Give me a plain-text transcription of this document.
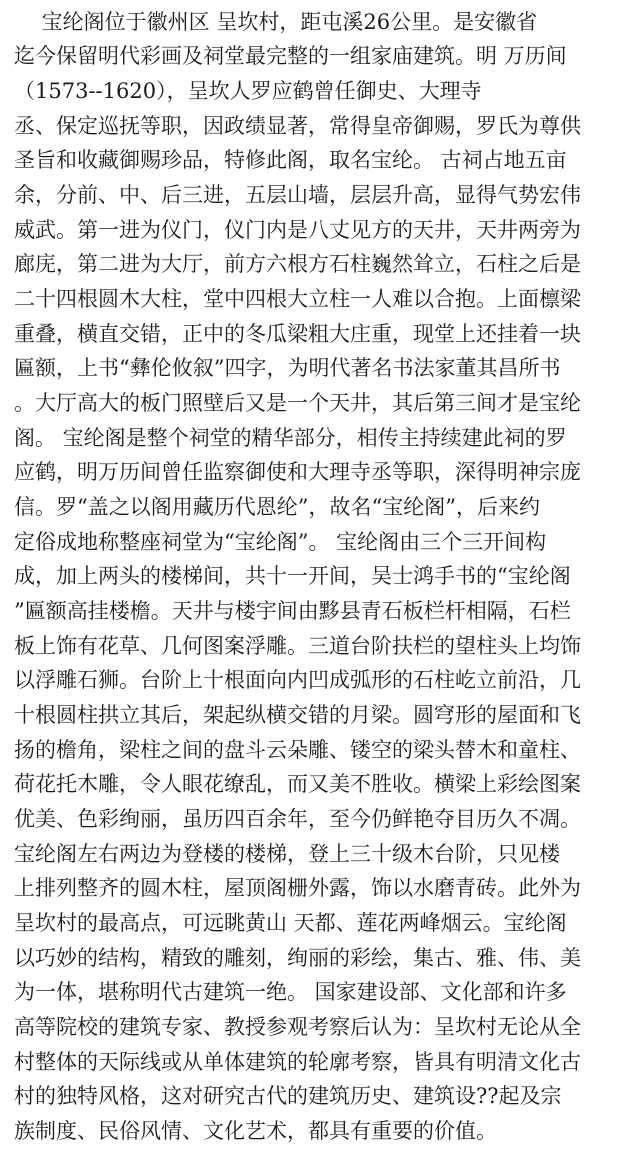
　 宝纶阁位于徽州区 呈坎村，距屯溪26公里。是安徽省
迄今保留明代彩画及祠堂最完整的一组家庙建筑。明 万历间
（1573--1620），呈坎人罗应鹤曾任御史、大理寺
丞、保定巡抚等职，因政绩显著，常得皇帝御赐，罗氏为尊供
圣旨和收藏御赐珍品，特修此阁，取名宝纶。 古祠占地五亩
余，分前、中、后三进，五层山墙，层层升高，显得气势宏伟
威武。第一进为仪门，仪门内是八丈见方的天井，天井两旁为
廊庑，第二进为大厅，前方六根方石柱巍然耸立，石柱之后是
二十四根圆木大柱，堂中四根大立柱一人难以合抱。上面檩梁
重叠，横直交错，正中的冬瓜梁粗大庄重，现堂上还挂着一块
匾额，上书“彝伦攸叙”四字，为明代著名书法家董其昌所书
。大厅高大的板门照壁后又是一个天井，其后第三间才是宝纶
阁。 宝纶阁是整个祠堂的精华部分，相传主持续建此祠的罗
应鹤，明万历间曾任监察御使和大理寺丞等职，深得明神宗庞
信。罗“盖之以阁用藏历代恩纶”，故名“宝纶阁”，后来约
定俗成地称整座祠堂为“宝纶阁”。 宝纶阁由三个三开间构
成，加上两头的楼梯间，共十一开间，吴士鸿手书的“宝纶阁
”匾额高挂楼檐。天井与楼宇间由黟县青石板栏杆相隔，石栏
板上饰有花草、几何图案浮雕。三道台阶扶栏的望柱头上均饰
以浮雕石狮。台阶上十根面向内凹成弧形的石柱屹立前沿，几
十根圆柱拱立其后，架起纵横交错的月梁。圆穹形的屋面和飞
扬的檐角，梁柱之间的盘斗云朵雕、镂空的梁头替木和童柱、
荷花托木雕，令人眼花缭乱，而又美不胜收。横梁上彩绘图案
优美、色彩绚丽，虽历四百余年，至今仍鲜艳夺目历久不凋。
宝纶阁左右两边为登楼的楼梯，登上三十级木台阶，只见楼
上排列整齐的圆木柱，屋顶阁栅外露，饰以水磨青砖。此外为
呈坎村的最高点，可远眺黄山 天都、莲花两峰烟云。宝纶阁
以巧妙的结构，精致的雕刻，绚丽的彩绘，集古、雅、伟、美
为一体，堪称明代古建筑一绝。 国家建设部、文化部和许多
高等院校的建筑专家、教授参观考察后认为：呈坎村无论从全
村整体的天际线或从单体建筑的轮廓考察，皆具有明清文化古
村的独特风格，这对研究古代的建筑历史、建筑设??起及宗
族制度、民俗风情、文化艺术，都具有重要的价值。
